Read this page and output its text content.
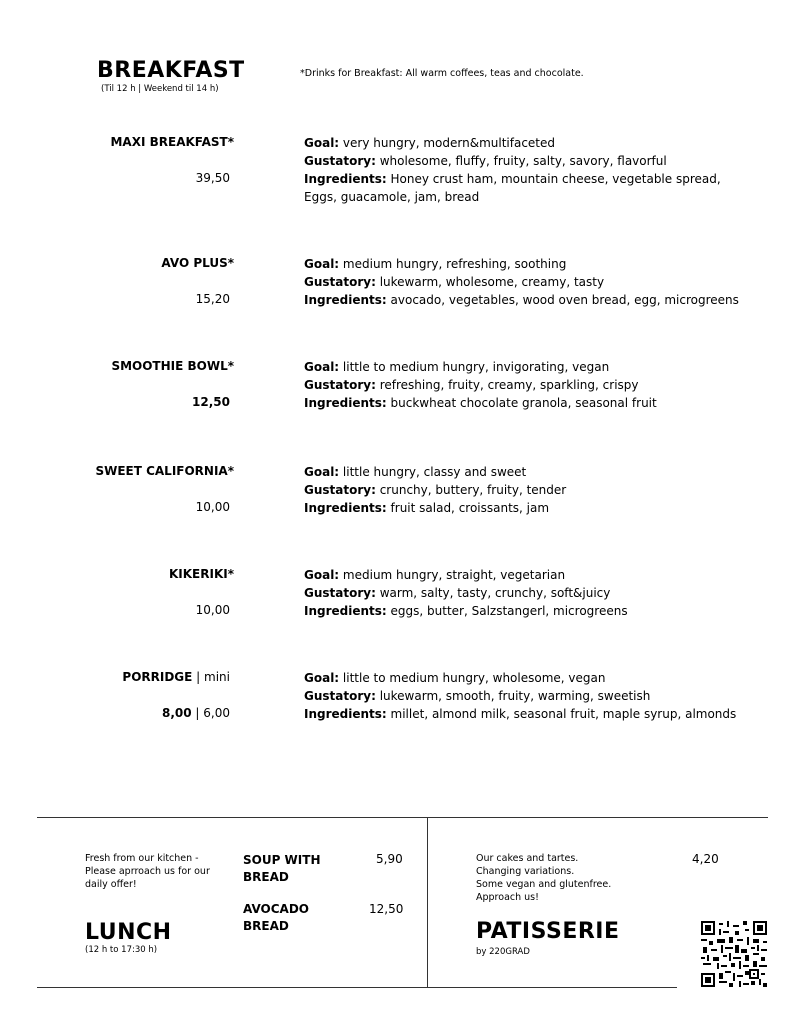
BREAKFAST
(Til 12 h | Weekend til 14 h)
*Drinks for Breakfast: All warm coffees, teas and chocolate.
MAXI BREAKFAST*
39,50
Goal: very hungry, modern&multifaceted
Gustatory: wholesome, fluffy, fruity, salty, savory, flavorful
Ingredients: Honey crust ham, mountain cheese, vegetable spread,
Eggs, guacamole, jam, bread
AVO PLUS*
15,20
Goal: medium hungry, refreshing, soothing
Gustatory: lukewarm, wholesome, creamy, tasty
Ingredients: avocado, vegetables, wood oven bread, egg, microgreens
SMOOTHIE BOWL*
12,50
Goal: little to medium hungry, invigorating, vegan
Gustatory: refreshing, fruity, creamy, sparkling, crispy
Ingredients: buckwheat chocolate granola, seasonal fruit
SWEET CALIFORNIA*
10,00
Goal: little hungry, classy and sweet
Gustatory: crunchy, buttery, fruity, tender
Ingredients: fruit salad, croissants, jam
KIKERIKI*
10,00
Goal: medium hungry, straight, vegetarian
Gustatory: warm, salty, tasty, crunchy, soft&juicy
Ingredients: eggs, butter, Salzstangerl, microgreens
PORRIDGE | mini
8,00 | 6,00
Goal: little to medium hungry, wholesome, vegan
Gustatory: lukewarm, smooth, fruity, warming, sweetish
Ingredients: millet, almond milk, seasonal fruit, maple syrup, almonds
Fresh from our kitchen -
Please aprroach us for our
daily offer!
LUNCH
(12 h to 17:30 h)
SOUP WITH
BREAD
5,90
AVOCADO
BREAD
12,50
Our cakes and tartes.
Changing variations.
Some vegan and glutenfree.
Approach us!
4,20
PATISSERIE
by 220GRAD
